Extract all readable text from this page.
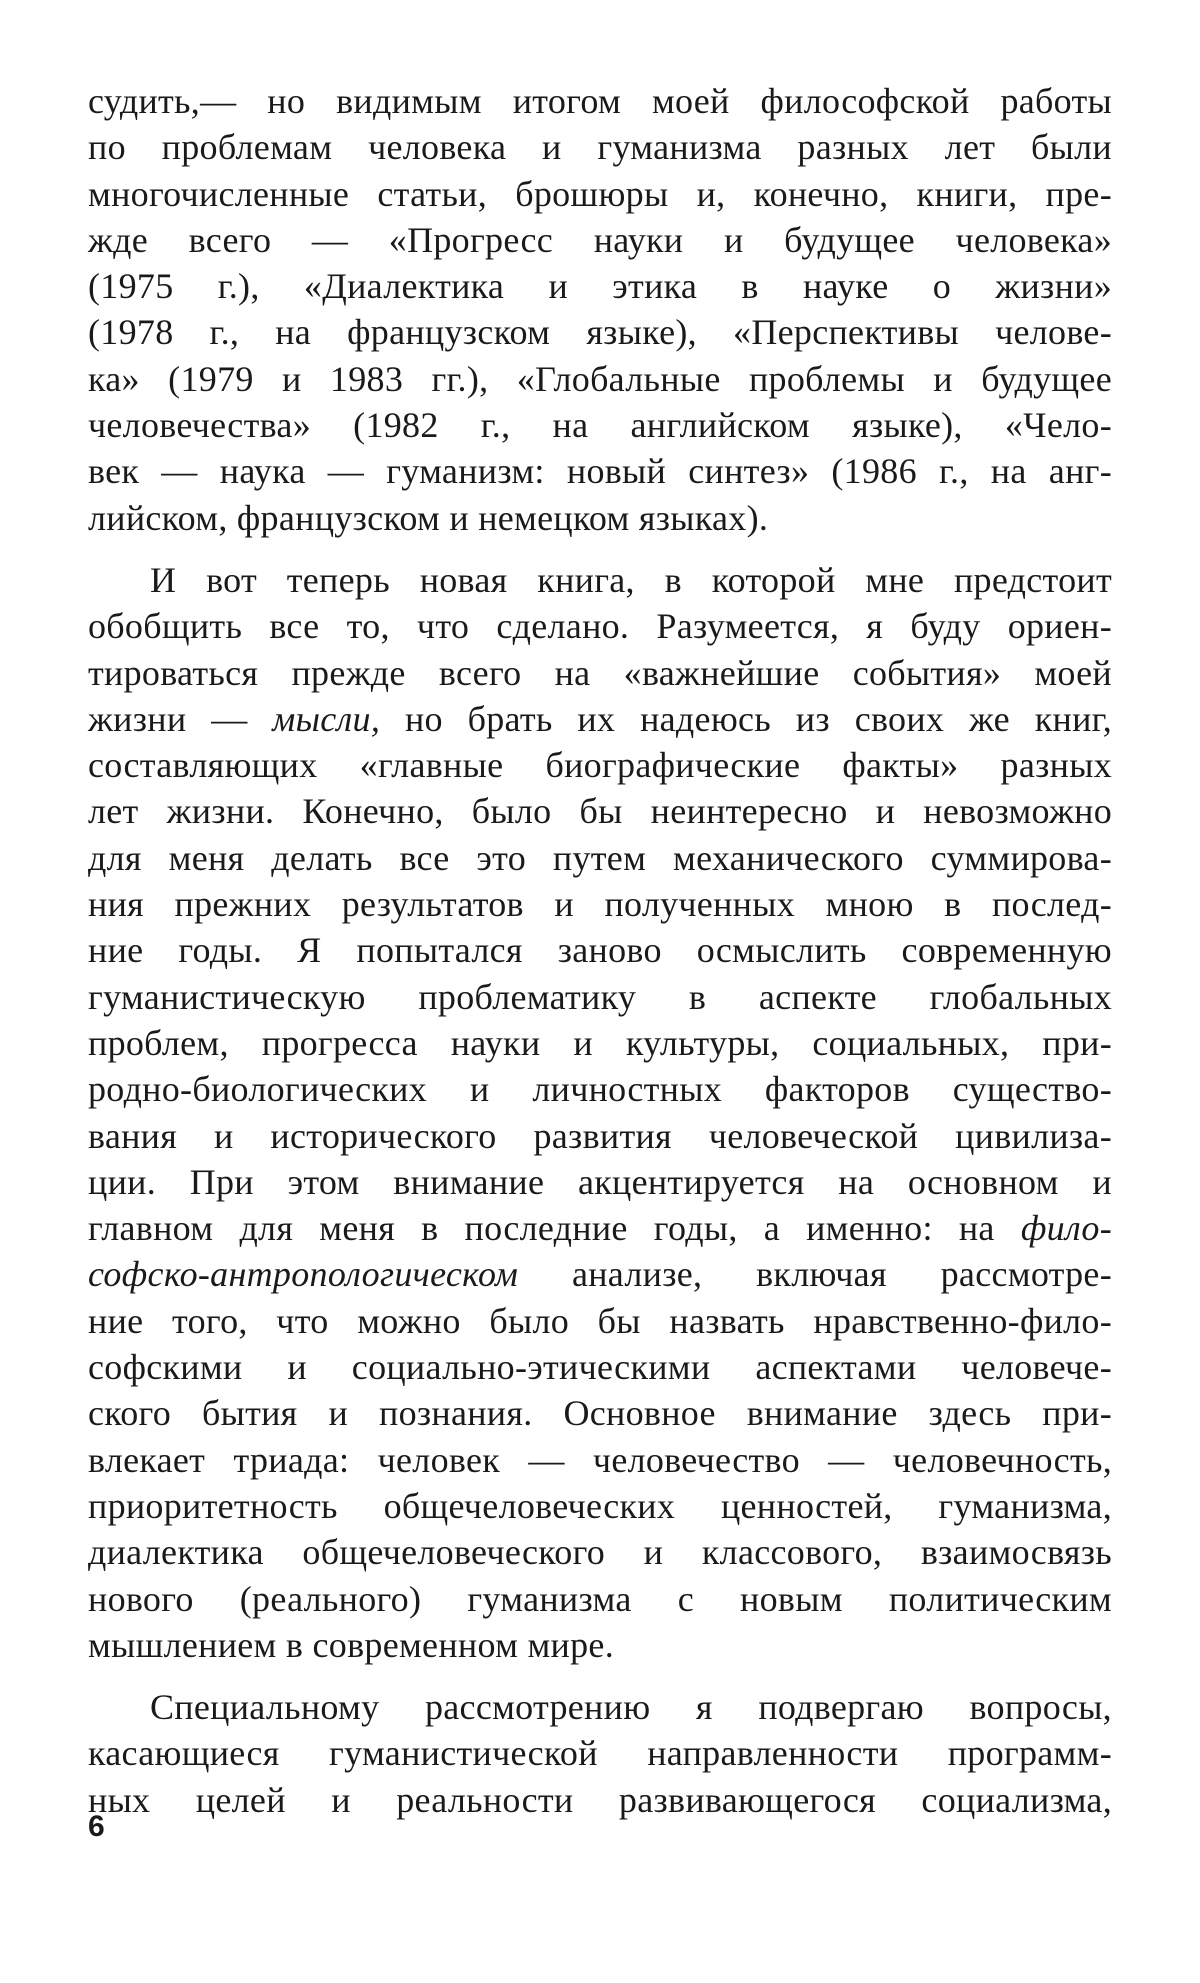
судить,— но видимым итогом моей философской работы
по проблемам человека и гуманизма разных лет были
многочисленные статьи, брошюры и, конечно, книги, пре-
жде всего — «Прогресс науки и будущее человека»
(1975 г.), «Диалектика и этика в науке о жизни»
(1978 г., на французском языке), «Перспективы челове-
ка» (1979 и 1983 гг.), «Глобальные проблемы и будущее
человечества» (1982 г., на английском языке), «Чело-
век — наука — гуманизм: новый синтез» (1986 г., на анг-
лийском, французском и немецком языках).
И вот теперь новая книга, в которой мне предстоит
обобщить все то, что сделано. Разумеется, я буду ориен-
тироваться прежде всего на «важнейшие события» моей
жизни — мысли, но брать их надеюсь из своих же книг,
составляющих «главные биографические факты» разных
лет жизни. Конечно, было бы неинтересно и невозможно
для меня делать все это путем механического суммирова-
ния прежних результатов и полученных мною в послед-
ние годы. Я попытался заново осмыслить современную
гуманистическую проблематику в аспекте глобальных
проблем, прогресса науки и культуры, социальных, при-
родно-биологических и личностных факторов существо-
вания и исторического развития человеческой цивилиза-
ции. При этом внимание акцентируется на основном и
главном для меня в последние годы, а именно: на фило-
софско-антропологическом анализе, включая рассмотре-
ние того, что можно было бы назвать нравственно-фило-
софскими и социально-этическими аспектами человече-
ского бытия и познания. Основное внимание здесь при-
влекает триада: человек — человечество — человечность,
приоритетность общечеловеческих ценностей, гуманизма,
диалектика общечеловеческого и классового, взаимосвязь
нового (реального) гуманизма с новым политическим
мышлением в современном мире.
Специальному рассмотрению я подвергаю вопросы,
касающиеся гуманистической направленности программ-
ных целей и реальности развивающегося социализма,
6
